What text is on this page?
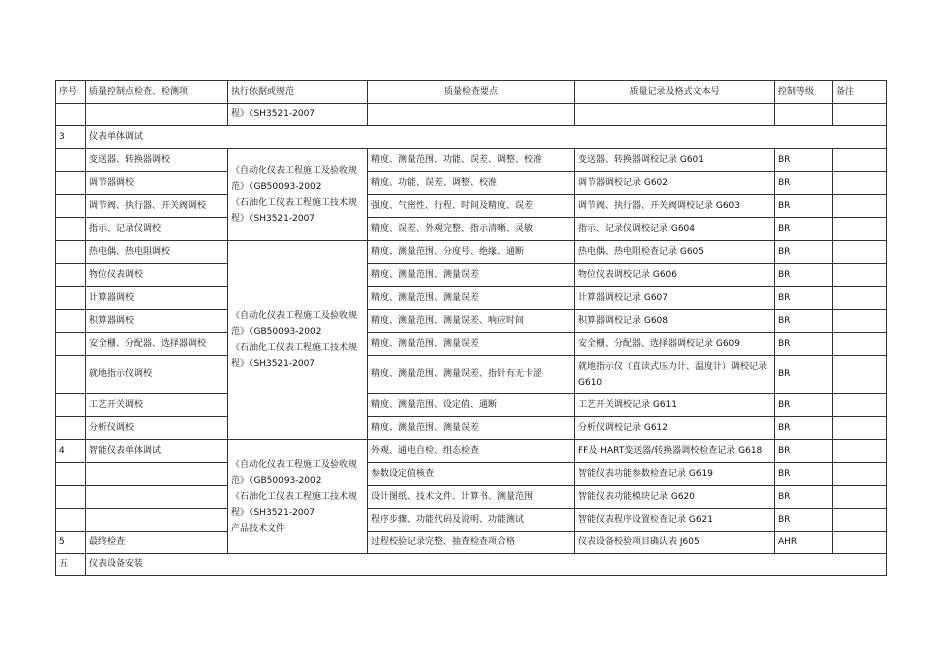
序号	质量控制点检查、检测项	执行依据或规范	质量检查要点	质量记录及格式文本号	控制等级	备注
		程》（SH3521-2007				
3	仪表单体调试					
	变送器、转换器调校	《自动化仪表工程施工及验收规
范》（GB50093-2002
《石油化工仪表工程施工技术规
程》（SH3521-2007	精度、测量范围、功能、误差、调整、校准	变送器、转换器调校记录 G601	BR	
	调节器调校		精度、功能、误差、调整、校准	调节器调校记录 G602	BR	
	调节阀、执行器、开关阀调校		强度、气密性、行程、时间及精度、误差	调节阀、执行器、开关阀调校记录 G603	BR	
	指示、记录仪调校		精度、误差、外观完整、指示清晰、灵敏	指示、记录仪调校记录 G604	BR	
	热电偶、热电阻调校	《自动化仪表工程施工及验收规
范》（GB50093-2002
《石油化工仪表工程施工技术规
程》（SH3521-2007	精度、测量范围、分度号、绝缘、通断	热电偶、热电阻检查记录 G605	BR	
	物位仪表调校		精度、测量范围、测量误差	物位仪表调校记录 G606	BR	
	计算器调校		精度、测量范围、测量误差	计算器调校记录 G607	BR	
	积算器调校		精度、测量范围、测量误差、响应时间	积算器调校记录 G608	BR	
	安全栅、分配器、选择器调校		精度、测量范围、测量误差	安全栅、分配器、选择器调校记录 G609	BR	
	就地指示仪调校		精度、测量范围、测量误差、指针有无卡涩	就地指示仪（直读式压力计、温度计）调校记录
G610	BR	
	工艺开关调校		精度、测量范围、设定值、通断	工艺开关调校记录 G611	BR	
	分析仪调校		精度、测量范围、测量误差	分析仪调校记录 G612	BR	
4	智能仪表单体调试	《自动化仪表工程施工及验收规
范》（GB50093-2002
《石油化工仪表工程施工技术规
程》（SH3521-2007
产品技术文件	外观、通电自检、组态检查	FF及 HART变送器/转换器调校检查记录 G618	BR	
			参数设定值核查	智能仪表功能参数检查记录 G619	BR	
			设计图纸、技术文件、计算书、测量范围	智能仪表功能模块记录 G620	BR	
			程序步骤、功能代码及说明、功能测试	智能仪表程序设置检查记录 G621	BR	
5	最终检查		过程校验记录完整、抽查检查项合格	仪表设备校验项目确认表 J605	AHR	
五	仪表设备安装					
